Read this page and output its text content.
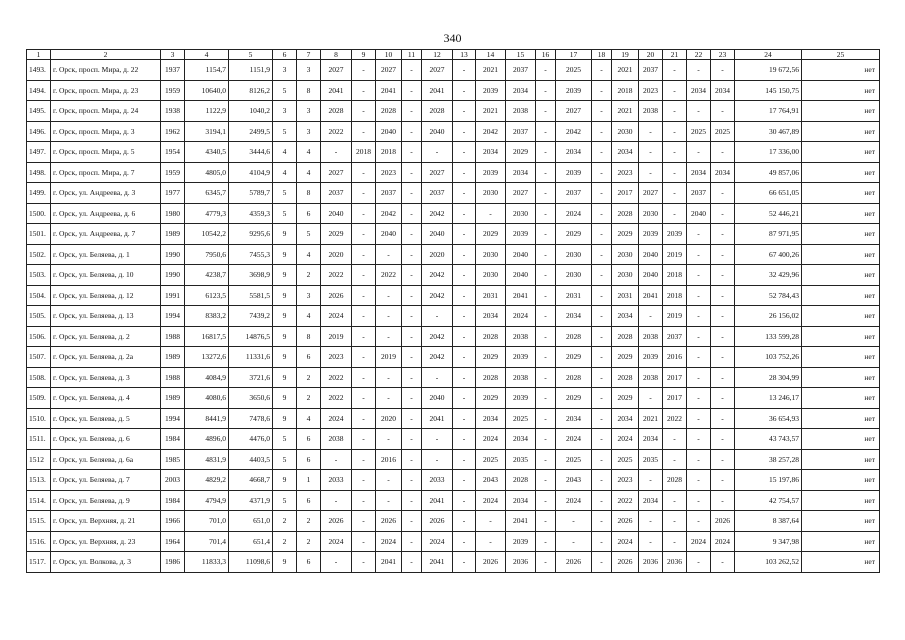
340
1	2	3	4	5	6	7	8	9	10	11	12	13	14	15	16	17	18	19	20	21	22	23	24	25
1493.	г. Орск, просп. Мира, д. 22	1937	1154,7	1151,9	3	3	2027	-	2027	-	2027	-	2021	2037	-	2025	-	2021	2037	-	-	-	19 672,56	нет
1494.	г. Орск, просп. Мира, д. 23	1959	10640,0	8126,2	5	8	2041	-	2041	-	2041	-	2039	2034	-	2039	-	2018	2023	-	2034	2034	145 150,75	нет
1495.	г. Орск, просп. Мира, д. 24	1938	1122,9	1040,2	3	3	2028	-	2028	-	2028	-	2021	2038	-	2027	-	2021	2038	-	-	-	17 764,91	нет
1496.	г. Орск, просп. Мира, д. 3	1962	3194,1	2499,5	5	3	2022	-	2040	-	2040	-	2042	2037	-	2042	-	2030	-	-	2025	2025	30 467,89	нет
1497.	г. Орск, просп. Мира, д. 5	1954	4340,5	3444,6	4	4	-	2018	2018	-	-	-	2034	2029	-	2034	-	2034	-	-	-	-	17 336,00	нет
1498.	г. Орск, просп. Мира, д. 7	1959	4805,0	4104,9	4	4	2027	-	2023	-	2027	-	2039	2034	-	2039	-	2023	-	-	2034	2034	49 857,06	нет
1499.	г. Орск, ул. Андреева, д. 3	1977	6345,7	5789,7	5	8	2037	-	2037	-	2037	-	2030	2027	-	2037	-	2017	2027	-	2037	-	66 651,05	нет
1500.	г. Орск, ул. Андреева, д. 6	1980	4779,3	4359,3	5	6	2040	-	2042	-	2042	-	-	2030	-	2024	-	2028	2030	-	2040	-	52 446,21	нет
1501.	г. Орск, ул. Андреева, д. 7	1989	10542,2	9295,6	9	5	2029	-	2040	-	2040	-	2029	2039	-	2029	-	2029	2039	2039	-	-	87 971,95	нет
1502.	г. Орск, ул. Беляева, д. 1	1990	7950,6	7455,3	9	4	2020	-	-	-	2020	-	2030	2040	-	2030	-	2030	2040	2019	-	-	67 400,26	нет
1503.	г. Орск, ул. Беляева, д. 10	1990	4238,7	3698,9	9	2	2022	-	2022	-	2042	-	2030	2040	-	2030	-	2030	2040	2018	-	-	32 429,96	нет
1504.	г. Орск, ул. Беляева, д. 12	1991	6123,5	5581,5	9	3	2026	-	-	-	2042	-	2031	2041	-	2031	-	2031	2041	2018	-	-	52 784,43	нет
1505.	г. Орск, ул. Беляева, д. 13	1994	8383,2	7439,2	9	4	2024	-	-	-	-	-	2034	2024	-	2034	-	2034	-	2019	-	-	26 156,02	нет
1506.	г. Орск, ул. Беляева, д. 2	1988	16817,5	14876,5	9	8	2019	-	-	-	2042	-	2028	2038	-	2028	-	2028	2038	2037	-	-	133 599,28	нет
1507.	г. Орск, ул. Беляева, д. 2а	1989	13272,6	11331,6	9	6	2023	-	2019	-	2042	-	2029	2039	-	2029	-	2029	2039	2016	-	-	103 752,26	нет
1508.	г. Орск, ул. Беляева, д. 3	1988	4084,9	3721,6	9	2	2022	-	-	-	-	-	2028	2038	-	2028	-	2028	2038	2017	-	-	28 304,99	нет
1509.	г. Орск, ул. Беляева, д. 4	1989	4080,6	3650,6	9	2	2022	-	-	-	2040	-	2029	2039	-	2029	-	2029	-	2017	-	-	13 246,17	нет
1510.	г. Орск, ул. Беляева, д. 5	1994	8441,9	7478,6	9	4	2024	-	2020	-	2041	-	2034	2025	-	2034	-	2034	2021	2022	-	-	36 654,93	нет
1511.	г. Орск, ул. Беляева, д. 6	1984	4896,0	4476,0	5	6	2038	-	-	-	-	-	2024	2034	-	2024	-	2024	2034	-	-	-	43 743,57	нет
1512	г. Орск, ул. Беляева, д. 6а	1985	4831,9	4403,5	5	6	-	-	2016	-	-	-	2025	2035	-	2025	-	2025	2035	-	-	-	38 257,28	нет
1513.	г. Орск, ул. Беляева, д. 7	2003	4829,2	4668,7	9	1	2033	-	-	-	2033	-	2043	2028	-	2043	-	2023	-	2028	-	-	15 197,86	нет
1514.	г. Орск, ул. Беляева, д. 9	1984	4794,9	4371,9	5	6	-	-	-	-	2041	-	2024	2034	-	2024	-	2022	2034	-	-	-	42 754,57	нет
1515.	г. Орск, ул. Верхняя, д. 21	1966	701,0	651,0	2	2	2026	-	2026	-	2026	-	-	2041	-	-	-	2026	-	-	-	2026	8 387,64	нет
1516.	г. Орск, ул. Верхняя, д. 23	1964	701,4	651,4	2	2	2024	-	2024	-	2024	-	-	2039	-	-	-	2024	-	-	2024	2024	9 347,98	нет
1517.	г. Орск, ул. Волкова, д. 3	1986	11833,3	11098,6	9	6	-	-	2041	-	2041	-	2026	2036	-	2026	-	2026	2036	2036	-	-	103 262,52	нет
